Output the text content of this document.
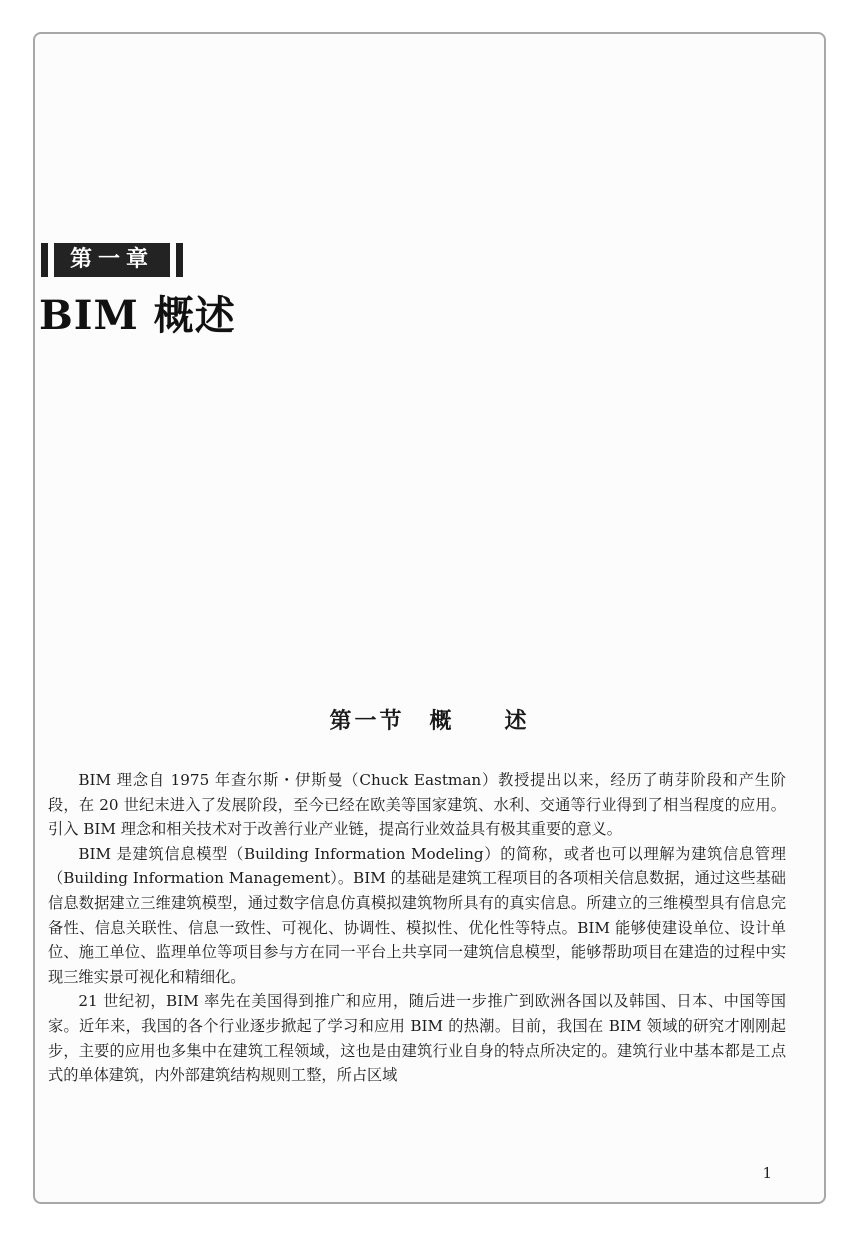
第一章
BIM 概述
第一节　概　　述

BIM 理念自 1975 年查尔斯・伊斯曼（Chuck Eastman）教授提出以来，经历了萌芽阶段和产生阶段，在 20 世纪末进入了发展阶段，至今已经在欧美等国家建筑、水利、交通等行业得到了相当程度的应用。引入 BIM 理念和相关技术对于改善行业产业链，提高行业效益具有极其重要的意义。

BIM 是建筑信息模型（Building Information Modeling）的简称，或者也可以理解为建筑信息管理（Building Information Management）。BIM 的基础是建筑工程项目的各项相关信息数据，通过这些基础信息数据建立三维建筑模型，通过数字信息仿真模拟建筑物所具有的真实信息。所建立的三维模型具有信息完备性、信息关联性、信息一致性、可视化、协调性、模拟性、优化性等特点。BIM 能够使建设单位、设计单位、施工单位、监理单位等项目参与方在同一平台上共享同一建筑信息模型，能够帮助项目在建造的过程中实现三维实景可视化和精细化。

21 世纪初，BIM 率先在美国得到推广和应用，随后进一步推广到欧洲各国以及韩国、日本、中国等国家。近年来，我国的各个行业逐步掀起了学习和应用 BIM 的热潮。目前，我国在 BIM 领域的研究才刚刚起步，主要的应用也多集中在建筑工程领域，这也是由建筑行业自身的特点所决定的。建筑行业中基本都是工点式的单体建筑，内外部建筑结构规则工整，所占区域

1
